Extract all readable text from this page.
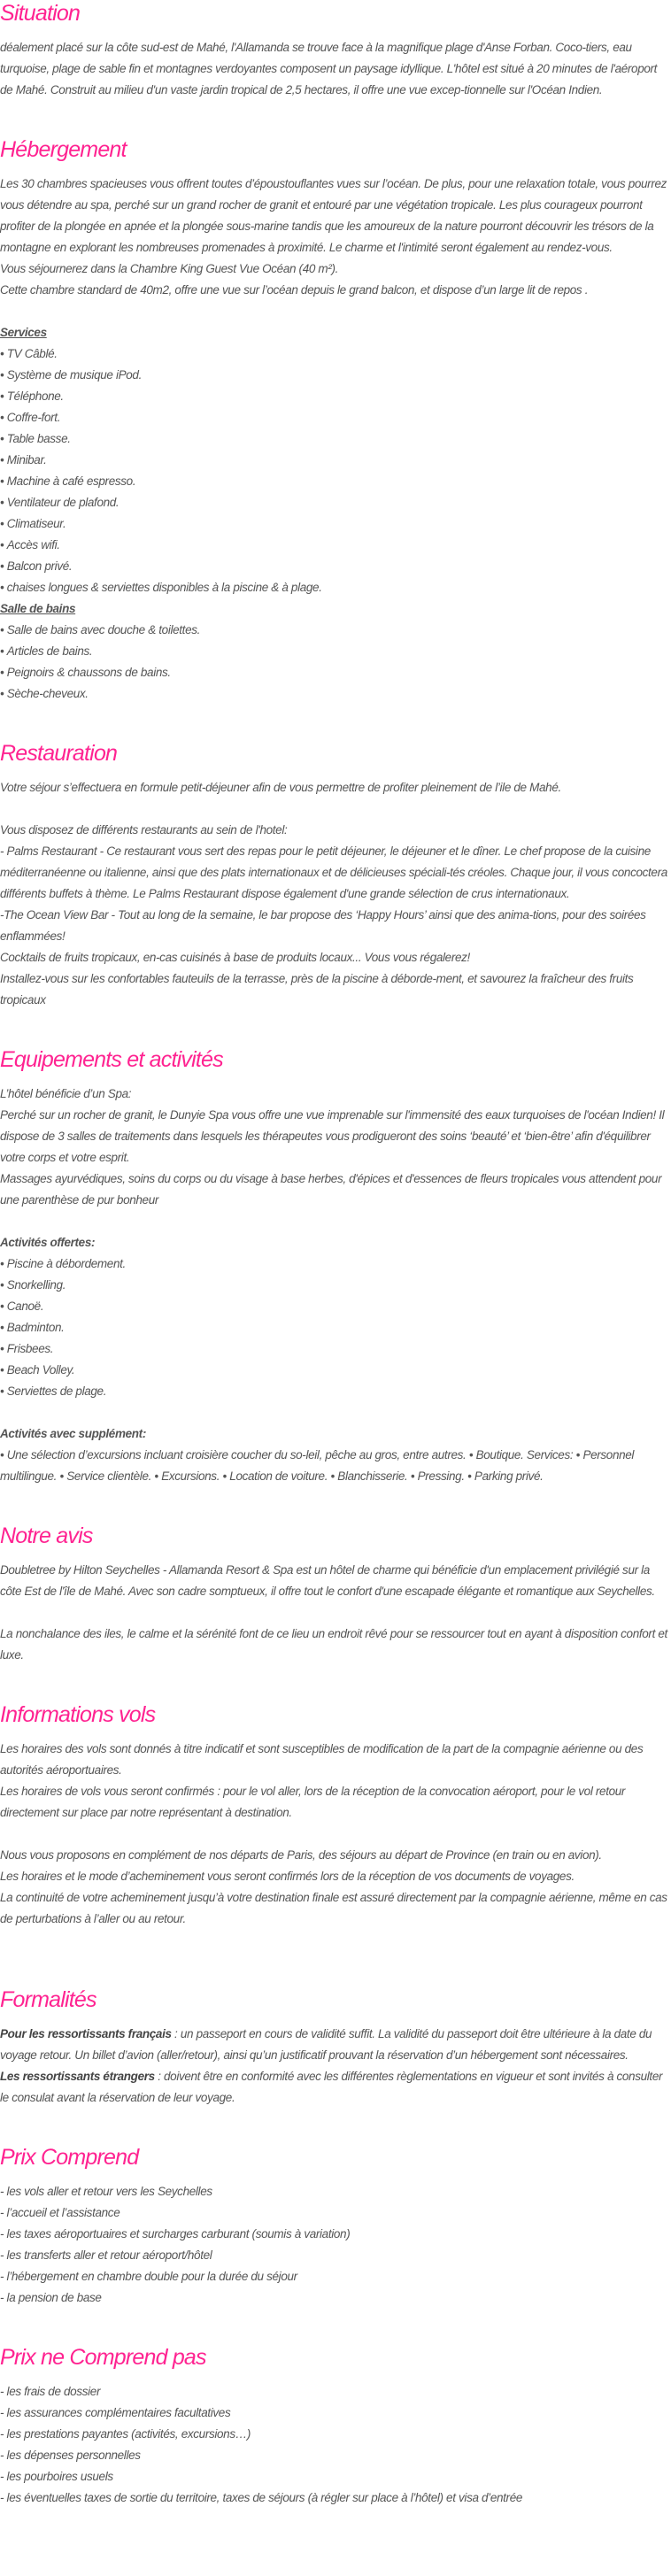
Situation

déalement placé sur la côte sud-est de Mahé, l'Allamanda se trouve face à la magnifique plage d'Anse Forban. Coco-tiers, eau turquoise, plage de sable fin et montagnes verdoyantes composent un paysage idyllique. L'hôtel est situé à 20 minutes de l'aéroport de Mahé. Construit au milieu d'un vaste jardin tropical de 2,5 hectares, il offre une vue excep-tionnelle sur l'Océan Indien.

Hébergement

Les 30 chambres spacieuses vous offrent toutes d’époustouflantes vues sur l’océan. De plus, pour une relaxation totale, vous pourrez vous détendre au spa, perché sur un grand rocher de granit et entouré par une végétation tropicale. Les plus courageux pourront profiter de la plongée en apnée et la plongée sous-marine tandis que les amoureux de la nature pourront découvrir les trésors de la montagne en explorant les nombreuses promenades à proximité. Le charme et l'intimité seront également au rendez-vous.

Vous séjournerez dans la Chambre King Guest Vue Océan (40 m²).

Cette chambre standard de 40m2, offre une vue sur l’océan depuis le grand balcon, et dispose d’un large lit de repos .

Services

• TV Câblé.
• Système de musique iPod.
• Téléphone.
• Coffre-fort.
• Table basse.
• Minibar.
• Machine à café espresso.
• Ventilateur de plafond.
• Climatiseur.
• Accès wifi.
• Balcon privé.
• chaises longues & serviettes disponibles à la piscine & à plage.

Salle de bains

• Salle de bains avec douche & toilettes.
• Articles de bains.
• Peignoirs & chaussons de bains.
• Sèche-cheveux.
Restauration

Votre séjour s’effectuera en formule petit-déjeuner afin de vous permettre de profiter pleinement de l’ile de Mahé.

Vous disposez de différents restaurants au sein de l'hotel:

- Palms Restaurant - Ce restaurant vous sert des repas pour le petit déjeuner, le déjeuner et le dîner. Le chef propose de la cuisine méditerranéenne ou italienne, ainsi que des plats internationaux et de délicieuses spéciali-tés créoles. Chaque jour, il vous concoctera différents buffets à thème. Le Palms Restaurant dispose également d'une grande sélection de crus internationaux.

-The Ocean View Bar - Tout au long de la semaine, le bar propose des ‘Happy Hours’ ainsi que des anima-tions, pour des soirées enflammées!

Cocktails de fruits tropicaux, en-cas cuisinés à base de produits locaux... Vous vous régalerez!

Installez-vous sur les confortables fauteuils de la terrasse, près de la piscine à déborde-ment, et savourez la fraîcheur des fruits tropicaux

Equipements et activités

L’hôtel bénéficie d’un Spa:

Perché sur un rocher de granit, le Dunyie Spa vous offre une vue imprenable sur l'immensité des eaux turquoises de l'océan Indien! Il dispose de 3 salles de traitements dans lesquels les thérapeutes vous prodigueront des soins ‘beauté’ et ‘bien-être’ afin d'équilibrer votre corps et votre esprit.

Massages ayurvédiques, soins du corps ou du visage à base herbes, d'épices et d'essences de fleurs tropicales vous attendent pour une parenthèse de pur bonheur

Activités offertes:

• Piscine à débordement.
• Snorkelling.
• Canoë.
• Badminton.
• Frisbees.
• Beach Volley.
• Serviettes de plage.

Activités avec supplément:

• Une sélection d’excursions incluant croisière coucher du so-leil, pêche au gros, entre autres. • Boutique. Services: • Personnel multilingue. • Service clientèle. • Excursions. • Location de voiture. • Blanchisserie. • Pressing. • Parking privé.

Notre avis

Doubletree by Hilton Seychelles - Allamanda Resort & Spa est un hôtel de charme qui bénéficie d'un emplacement privilégié sur la côte Est de l'île de Mahé. Avec son cadre somptueux, il offre tout le confort d'une escapade élégante et romantique aux Seychelles.

La nonchalance des iles, le calme et la sérénité font de ce lieu un endroit rêvé pour se ressourcer tout en ayant à disposition confort et luxe.

Informations vols

Les horaires des vols sont donnés à titre indicatif et sont susceptibles de modification de la part de la compagnie aérienne ou des autorités aéroportuaires.

Les horaires de vols vous seront confirmés : pour le vol aller, lors de la réception de la convocation aéroport, pour le vol retour directement sur place par notre représentant à destination.

Nous vous proposons en complément de nos départs de Paris, des séjours au départ de Province (en train ou en avion).

Les horaires et le mode d’acheminement vous seront confirmés lors de la réception de vos documents de voyages.

La continuité de votre acheminement jusqu’à votre destination finale est assuré directement par la compagnie aérienne, même en cas de perturbations à l’aller ou au retour.

Formalités

Pour les ressortissants français : un passeport en cours de validité suffit. La validité du passeport doit être ultérieure à la date du voyage retour. Un billet d’avion (aller/retour), ainsi qu’un justificatif prouvant la réservation d’un hébergement sont nécessaires.

Les ressortissants étrangers : doivent être en conformité avec les différentes règlementations en vigueur et sont invités à consulter le consulat avant la réservation de leur voyage.

Prix Comprend
- les vols aller et retour vers les Seychelles
- l’accueil et l’assistance
- les taxes aéroportuaires et surcharges carburant (soumis à variation)
- les transferts aller et retour aéroport/hôtel
- l’hébergement en chambre double pour la durée du séjour
- la pension de base
Prix ne Comprend pas
- les frais de dossier
- les assurances complémentaires facultatives
- les prestations payantes (activités, excursions…)
- les dépenses personnelles
- les pourboires usuels
- les éventuelles taxes de sortie du territoire, taxes de séjours (à régler sur place à l’hôtel) et visa d’entrée
